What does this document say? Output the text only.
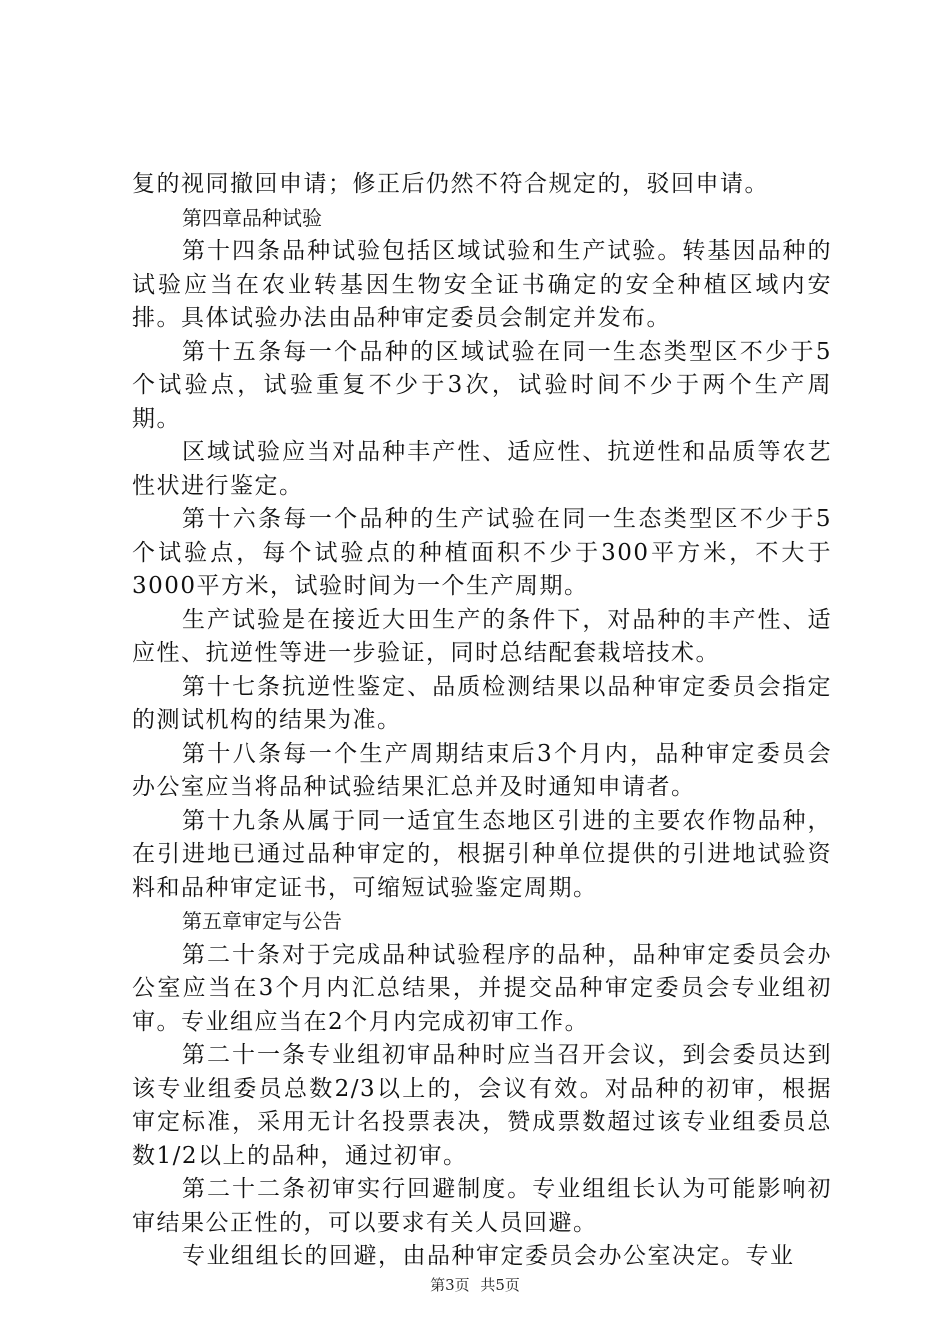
复的视同撤回申请；修正后仍然不符合规定的，驳回申请。

第四章品种试验

第十四条品种试验包括区域试验和生产试验。转基因品种的试验应当在农业转基因生物安全证书确定的安全种植区域内安排。具体试验办法由品种审定委员会制定并发布。

第十五条每一个品种的区域试验在同一生态类型区不少于5个试验点，试验重复不少于3次，试验时间不少于两个生产周期。

区域试验应当对品种丰产性、适应性、抗逆性和品质等农艺性状进行鉴定。

第十六条每一个品种的生产试验在同一生态类型区不少于5个试验点，每个试验点的种植面积不少于300平方米，不大于3000平方米，试验时间为一个生产周期。

生产试验是在接近大田生产的条件下，对品种的丰产性、适应性、抗逆性等进一步验证，同时总结配套栽培技术。

第十七条抗逆性鉴定、品质检测结果以品种审定委员会指定的测试机构的结果为准。

第十八条每一个生产周期结束后3个月内，品种审定委员会办公室应当将品种试验结果汇总并及时通知申请者。

第十九条从属于同一适宜生态地区引进的主要农作物品种，在引进地已通过品种审定的，根据引种单位提供的引进地试验资料和品种审定证书，可缩短试验鉴定周期。

第五章审定与公告

第二十条对于完成品种试验程序的品种，品种审定委员会办公室应当在3个月内汇总结果，并提交品种审定委员会专业组初审。专业组应当在2个月内完成初审工作。

第二十一条专业组初审品种时应当召开会议，到会委员达到该专业组委员总数2/3以上的，会议有效。对品种的初审，根据审定标准，采用无计名投票表决，赞成票数超过该专业组委员总数1/2以上的品种，通过初审。

第二十二条初审实行回避制度。专业组组长认为可能影响初审结果公正性的，可以要求有关人员回避。

专业组组长的回避，由品种审定委员会办公室决定。专业

第3页 共5页
